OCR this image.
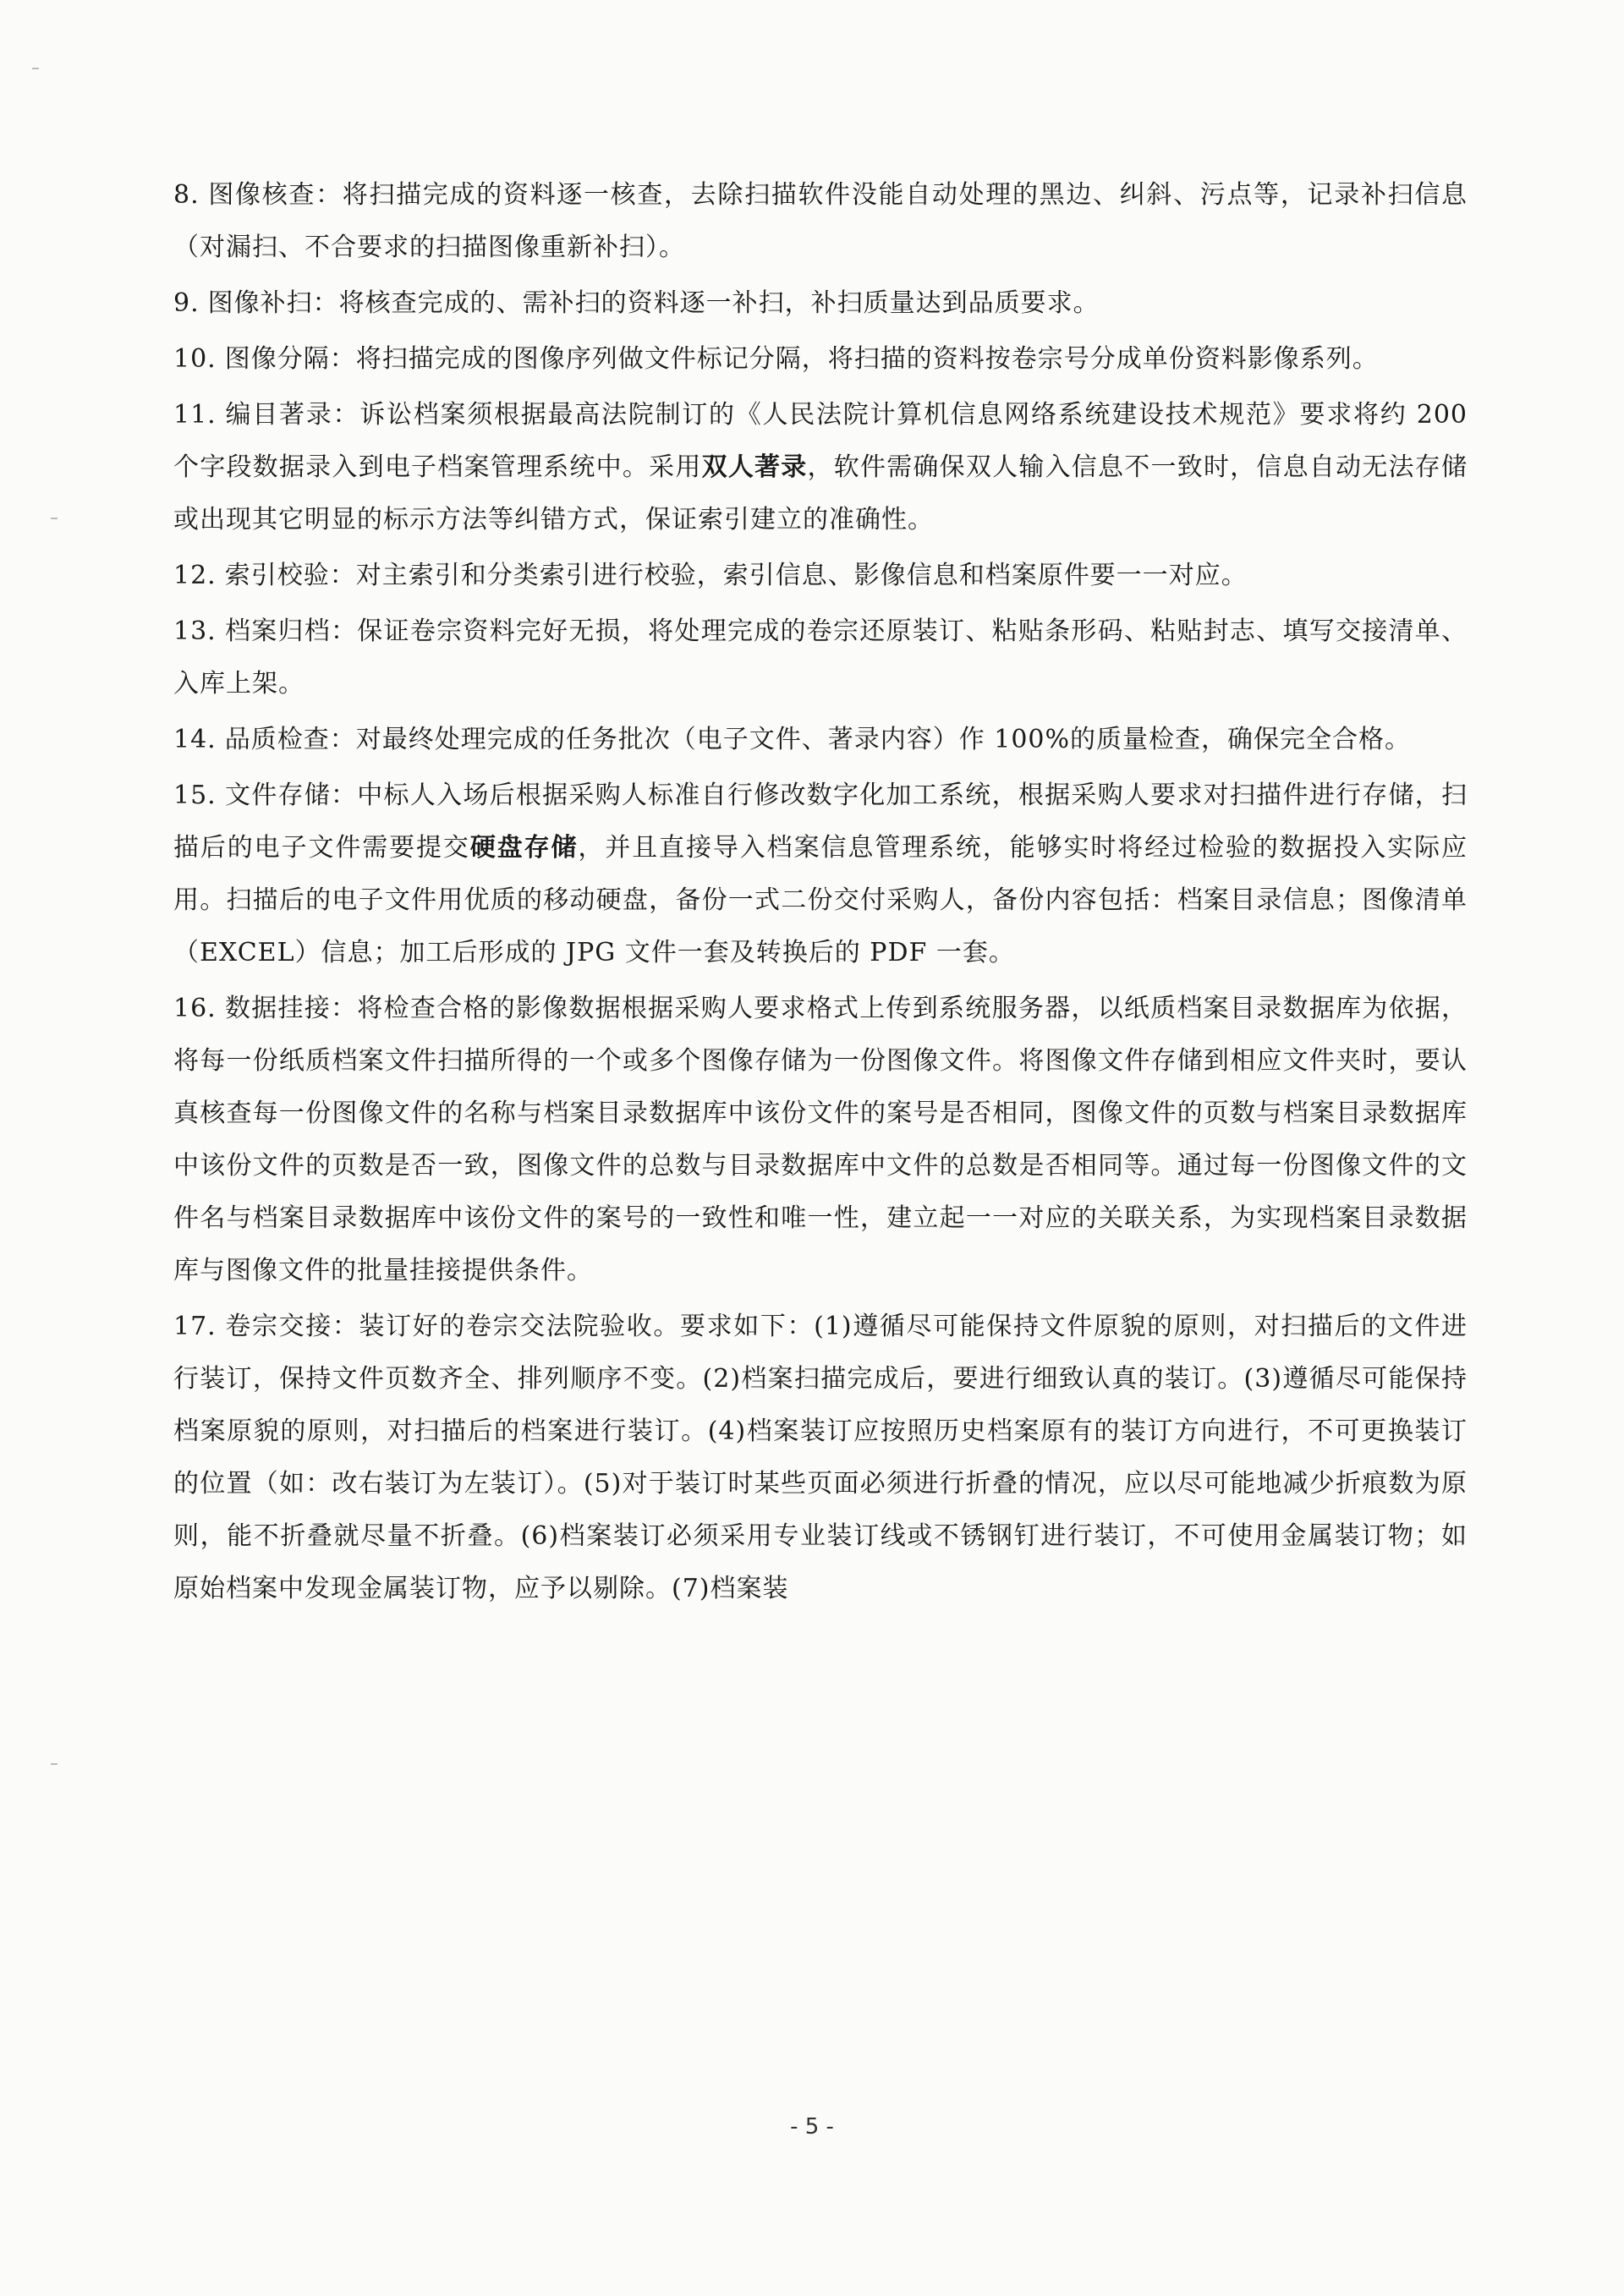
8. 图像核查：将扫描完成的资料逐一核查，去除扫描软件没能自动处理的黑边、纠斜、污点等，记录补扫信息（对漏扫、不合要求的扫描图像重新补扫）。

9. 图像补扫：将核查完成的、需补扫的资料逐一补扫，补扫质量达到品质要求。

10. 图像分隔：将扫描完成的图像序列做文件标记分隔，将扫描的资料按卷宗号分成单份资料影像系列。

11. 编目著录：诉讼档案须根据最高法院制订的《人民法院计算机信息网络系统建设技术规范》要求将约 200 个字段数据录入到电子档案管理系统中。采用双人著录，软件需确保双人输入信息不一致时，信息自动无法存储或出现其它明显的标示方法等纠错方式，保证索引建立的准确性。

12. 索引校验：对主索引和分类索引进行校验，索引信息、影像信息和档案原件要一一对应。

13. 档案归档：保证卷宗资料完好无损，将处理完成的卷宗还原装订、粘贴条形码、粘贴封志、填写交接清单、入库上架。

14. 品质检查：对最终处理完成的任务批次（电子文件、著录内容）作 100%的质量检查，确保完全合格。

15. 文件存储：中标人入场后根据采购人标准自行修改数字化加工系统，根据采购人要求对扫描件进行存储，扫描后的电子文件需要提交硬盘存储，并且直接导入档案信息管理系统，能够实时将经过检验的数据投入实际应用。扫描后的电子文件用优质的移动硬盘，备份一式二份交付采购人，备份内容包括：档案目录信息；图像清单（EXCEL）信息；加工后形成的 JPG 文件一套及转换后的 PDF 一套。

16. 数据挂接：将检查合格的影像数据根据采购人要求格式上传到系统服务器，以纸质档案目录数据库为依据，将每一份纸质档案文件扫描所得的一个或多个图像存储为一份图像文件。将图像文件存储到相应文件夹时，要认真核查每一份图像文件的名称与档案目录数据库中该份文件的案号是否相同，图像文件的页数与档案目录数据库中该份文件的页数是否一致，图像文件的总数与目录数据库中文件的总数是否相同等。通过每一份图像文件的文件名与档案目录数据库中该份文件的案号的一致性和唯一性，建立起一一对应的关联关系，为实现档案目录数据库与图像文件的批量挂接提供条件。

17. 卷宗交接：装订好的卷宗交法院验收。要求如下：(1)遵循尽可能保持文件原貌的原则，对扫描后的文件进行装订，保持文件页数齐全、排列顺序不变。(2)档案扫描完成后，要进行细致认真的装订。(3)遵循尽可能保持档案原貌的原则，对扫描后的档案进行装订。(4)档案装订应按照历史档案原有的装订方向进行，不可更换装订的位置（如：改右装订为左装订）。(5)对于装订时某些页面必须进行折叠的情况，应以尽可能地减少折痕数为原则，能不折叠就尽量不折叠。(6)档案装订必须采用专业装订线或不锈钢钉进行装订，不可使用金属装订物；如原始档案中发现金属装订物，应予以剔除。(7)档案装

- 5 -
